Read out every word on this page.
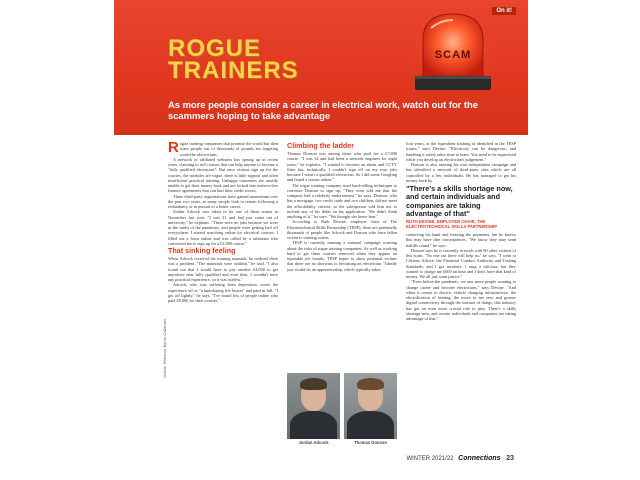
On it!
ROGUE
TRAINERS
SCAM
As more people consider a career in electrical work, watch out for the scammers hoping to take advantage
Words: Rebecca Byrne-Callander

Rogue training companies that promise the world but then scam people out of thousands of pounds are targeting would-be electricians.

A network of affiliated websites has sprung up in recent years, claiming to sell courses that can help anyone to become a "fully qualified electrician". But once victims sign up for the courses, the modules are vague, there is little support and often insufficient practical training. Unhappy customers are usually unable to get their money back and are locked into interest-free finance agreements that can hurt their credit scores.

These third-party organisations have gained momentum over the past two years, as many people look to retrain following a redundancy or in pursuit of a better career.

Jordan Adcock was taken in by one of these scams in November last year. "I was 21 and had just come out of university," he explains. "There were no jobs because we were in the midst of the pandemic, and people were getting laid off everywhere. I started searching online for electrical courses. I filled out a form online and was called by a salesman who convinced me to sign up for a £2,000 course."

That sinking feeling

When Adcock received the training manuals, he realised there was a problem. "The materials were rubbish," he said. "I also found out that I would have to pay another £4,000 to get anywhere near fully qualified and even then, I wouldn't have any practical experience, so it was useless."

Adcock, who was suffering from depression, wrote the experience off as "a humiliating life lesson" and paid in full. "I got off lightly," he says. "I've found lots of people online who paid £8,000 for their courses."

Climbing the ladder

Thomas Donson was among those who paid for a £7,800 course. "I was 32 and had been a network engineer for eight years," he explains. "I wanted to become an alarm and CCTV fitter but, technically, I couldn't sign off on my own jobs because I wasn't a qualified electrician. So I did some Googling and found a course online."

The rogue training company used hard-selling techniques to convince Donson to sign up. "They even told me that the company had a celebrity endorsement," he says. Donson, who has a mortgage, two credit cards and two children, did not meet the affordability criteria, so the salesperson told him not to include any of his debts on his application. "We didn't think anything of it," he says. "We thought she knew best."

According to Ruth Devine, employer chair of The Electrotechnical Skills Partnership (TESP), there are potentially thousands of people like Adcock and Donson who have fallen victim to training scams.

TESP is currently running a national campaign warning about the risks of rogue training companies. As well as working hard to get these courses removed when they appear on reputable job boards, TESP hopes to show potential victims that there are no shortcuts to becoming an electrician. "Ideally you would do an apprenticeship, which typically takes

Jordan Adcock	Thomas Donson

four years, or the equivalent training as identified in the TESP routes," says Devine. "Electricity can be dangerous, and handling it safely takes time to learn. You need to be supervised while you develop an electrician's judgement."

Donson is also running his own independent campaign and has identified a network of third-party sites which are all controlled by a few individuals. He has managed to get his money back by

"There's a skills shortage now, and certain individuals and companies are taking advantage of that"
RUTH DEVINE, EMPLOYER CHAIR, THE ELECTROTECHNICAL SKILLS PARTNERSHIP

contacting his bank and freezing the payments, but he knows this may have dire consequences. "We know they may send bailiffs round," he says.

Donson says he is currently in touch with 80 other victims of this scam. "No one out there will help us," he says. "I went to Citizens Advice, the Financial Conduct Authority and Trading Standards, and I got nowhere. I rang a solicitor, but they wanted to charge me £600 an hour and I don't have that kind of money. We all just want justice."

"Even before the pandemic, we saw more people wanting to change career and become electricians," says Devine. "And when it comes to electric vehicle charging infrastructure, the electrification of heating, the move to net zero and greater digital connectivity through the internet of things, this industry has got an even more crucial role to play. There's a skills shortage now, and certain individuals and companies are taking advantage of that."

WINTER 2021/22 Connections 23
